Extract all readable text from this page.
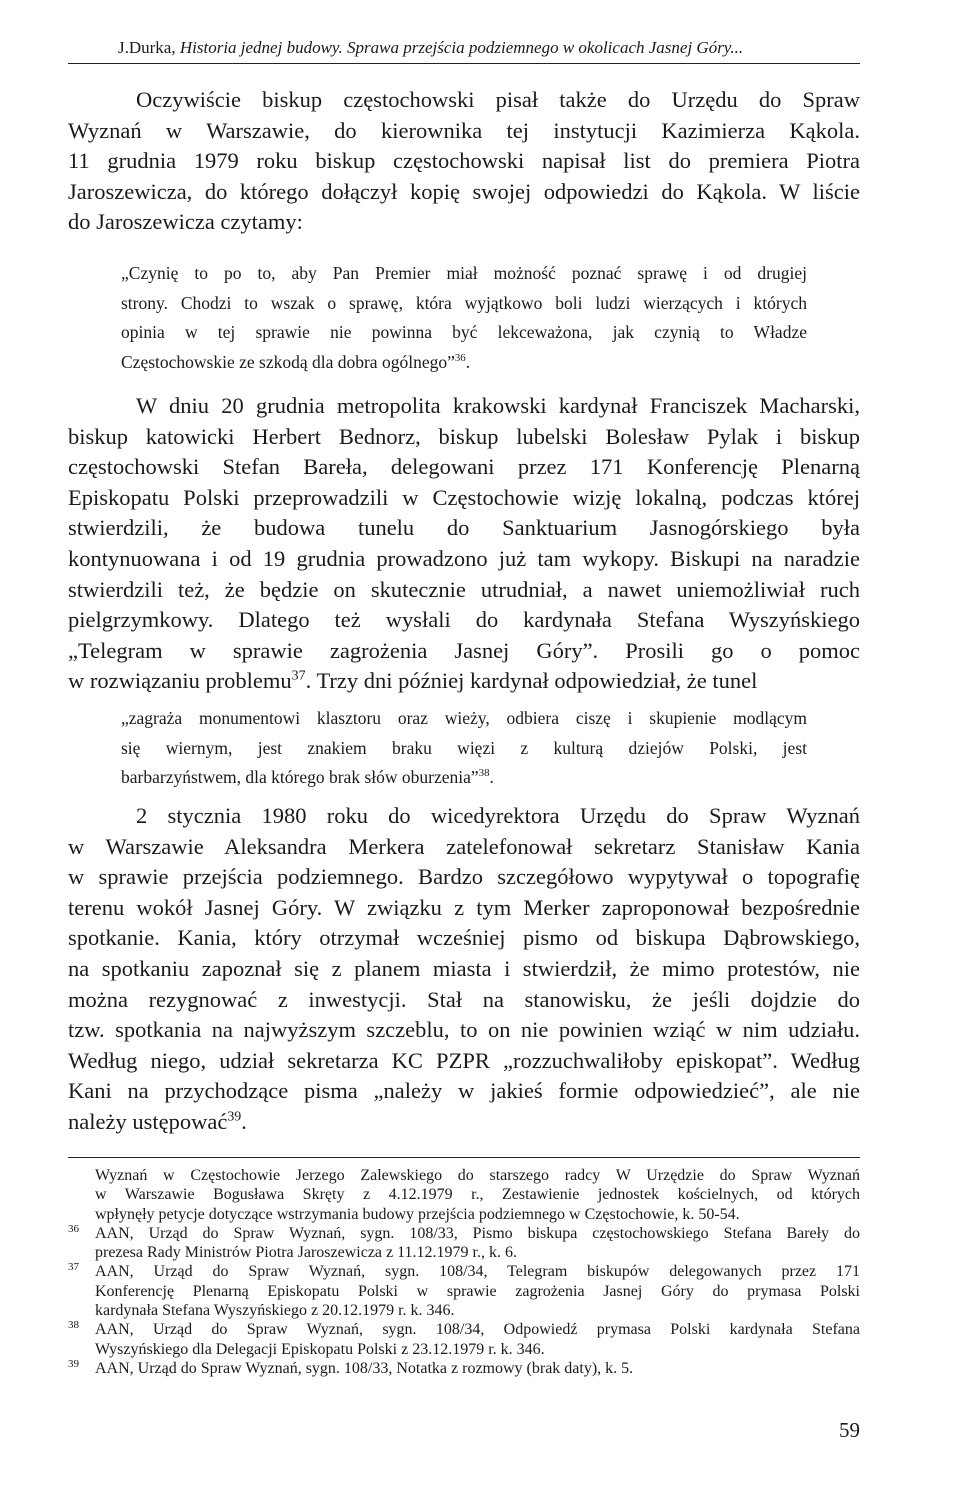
J.Durka, Historia jednej budowy. Sprawa przejścia podziemnego w okolicach Jasnej Góry...

Oczywiście biskup częstochowski pisał także do Urzędu do Spraw
Wyznań w Warszawie, do kierownika tej instytucji Kazimierza Kąkola.
11 grudnia 1979 roku biskup częstochowski napisał list do premiera Piotra
Jaroszewicza, do którego dołączył kopię swojej odpowiedzi do Kąkola. W liście
do Jaroszewicza czytamy:

„Czynię to po to, aby Pan Premier miał możność poznać sprawę i od drugiej
strony. Chodzi to wszak o sprawę, która wyjątkowo boli ludzi wierzących i których
opinia w tej sprawie nie powinna być lekceważona, jak czynią to Władze
Częstochowskie ze szkodą dla dobra ogólnego”$^{36}$.

W dniu 20 grudnia metropolita krakowski kardynał Franciszek Macharski,
biskup katowicki Herbert Bednorz, biskup lubelski Bolesław Pylak i biskup
częstochowski Stefan Bareła, delegowani przez 171 Konferencję Plenarną
Episkopatu Polski przeprowadzili w Częstochowie wizję lokalną, podczas której
stwierdzili, że budowa tunelu do Sanktuarium Jasnogórskiego była
kontynuowana i od 19 grudnia prowadzono już tam wykopy. Biskupi na naradzie
stwierdzili też, że będzie on skutecznie utrudniał, a nawet uniemożliwiał ruch
pielgrzymkowy. Dlatego też wysłali do kardynała Stefana Wyszyńskiego
„Telegram w sprawie zagrożenia Jasnej Góry”. Prosili go o pomoc
w rozwiązaniu problemu$^{37}$. Trzy dni później kardynał odpowiedział, że tunel

„zagraża monumentowi klasztoru oraz wieży, odbiera ciszę i skupienie modlącym
się wiernym, jest znakiem braku więzi z kulturą dziejów Polski, jest
barbarzyństwem, dla którego brak słów oburzenia”$^{38}$.

2 stycznia 1980 roku do wicedyrektora Urzędu do Spraw Wyznań
w Warszawie Aleksandra Merkera zatelefonował sekretarz Stanisław Kania
w sprawie przejścia podziemnego. Bardzo szczegółowo wypytywał o topografię
terenu wokół Jasnej Góry. W związku z tym Merker zaproponował bezpośrednie
spotkanie. Kania, który otrzymał wcześniej pismo od biskupa Dąbrowskiego,
na spotkaniu zapoznał się z planem miasta i stwierdził, że mimo protestów, nie
można rezygnować z inwestycji. Stał na stanowisku, że jeśli dojdzie do
tzw. spotkania na najwyższym szczeblu, to on nie powinien wziąć w nim udziału.
Według niego, udział sekretarza KC PZPR „rozzuchwaliłoby episkopat”. Według
Kani na przychodzące pisma „należy w jakieś formie odpowiedzieć”, ale nie
należy ustępować$^{39}$.

Wyznań w Częstochowie Jerzego Zalewskiego do starszego radcy W Urzędzie do Spraw Wyznań
w Warszawie Bogusława Skręty z 4.12.1979 r., Zestawienie jednostek kościelnych, od których
wpłynęły petycje dotyczące wstrzymania budowy przejścia podziemnego w Częstochowie, k. 50-54.
36 AAN, Urząd do Spraw Wyznań, sygn. 108/33, Pismo biskupa częstochowskiego Stefana Bareły do
prezesa Rady Ministrów Piotra Jaroszewicza z 11.12.1979 r., k. 6.
37 AAN, Urząd do Spraw Wyznań, sygn. 108/34, Telegram biskupów delegowanych przez 171
Konferencję Plenarną Episkopatu Polski w sprawie zagrożenia Jasnej Góry do prymasa Polski
kardynała Stefana Wyszyńskiego z 20.12.1979 r. k. 346.
38 AAN, Urząd do Spraw Wyznań, sygn. 108/34, Odpowiedź prymasa Polski kardynała Stefana
Wyszyńskiego dla Delegacji Episkopatu Polski z 23.12.1979 r. k. 346.
39 AAN, Urząd do Spraw Wyznań, sygn. 108/33, Notatka z rozmowy (brak daty), k. 5.
59
